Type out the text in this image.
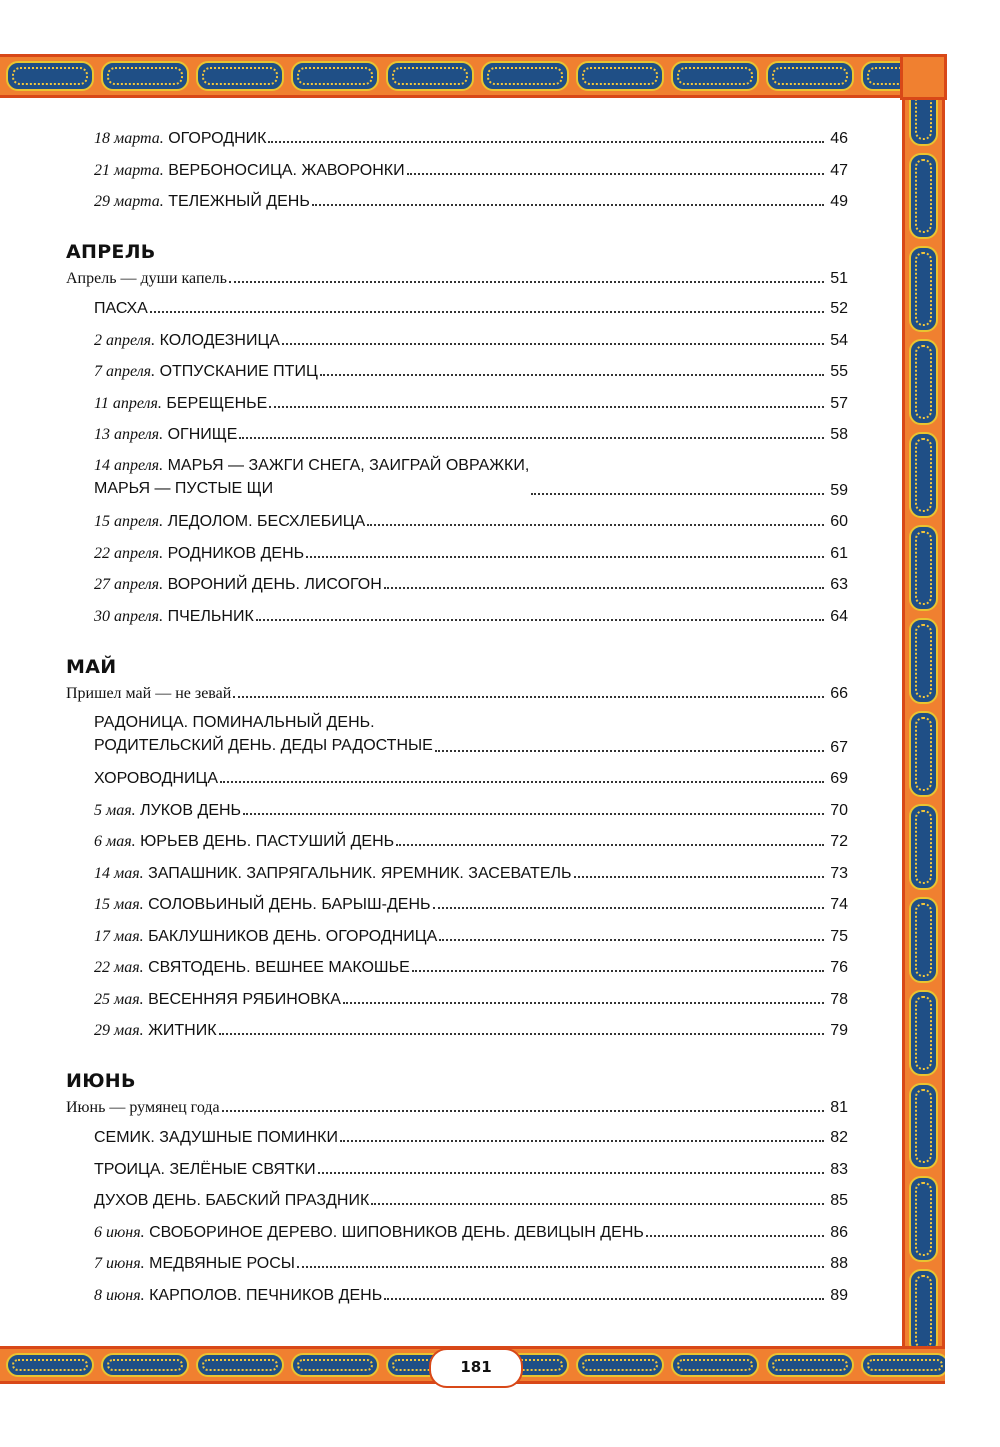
181
18 марта. ОГОРОДНИК	46
21 марта. ВЕРБОНОСИЦА. ЖАВОРОНКИ	47
29 марта. ТЕЛЕЖНЫЙ ДЕНЬ	49
АПРЕЛЬ
Апрель — души капель	51
ПАСХА	52
2 апреля. КОЛОДЕЗНИЦА	54
7 апреля. ОТПУСКАНИЕ ПТИЦ	55
11 апреля. БЕРЕЩЕНЬЕ	57
13 апреля. ОГНИЩЕ	58
14 апреля. МАРЬЯ — ЗАЖГИ СНЕГА, ЗАИГРАЙ ОВРАЖКИ,
МАРЬЯ — ПУСТЫЕ ЩИ	59
15 апреля. ЛЕДОЛОМ. БЕСХЛЕБИЦА	60
22 апреля. РОДНИКОВ ДЕНЬ	61
27 апреля. ВОРОНИЙ ДЕНЬ. ЛИСОГОН	63
30 апреля. ПЧЕЛЬНИК	64
МАЙ
Пришел май — не зевай	66
РАДОНИЦА. ПОМИНАЛЬНЫЙ ДЕНЬ.
РОДИТЕЛЬСКИЙ ДЕНЬ. ДЕДЫ РАДОСТНЫЕ	67
ХОРОВОДНИЦА	69
5 мая. ЛУКОВ ДЕНЬ	70
6 мая. ЮРЬЕВ ДЕНЬ. ПАСТУШИЙ ДЕНЬ	72
14 мая. ЗАПАШНИК. ЗАПРЯГАЛЬНИК. ЯРЕМНИК. ЗАСЕВАТЕЛЬ	73
15 мая. СОЛОВЬИНЫЙ ДЕНЬ. БАРЫШ-ДЕНЬ	74
17 мая. БАКЛУШНИКОВ ДЕНЬ. ОГОРОДНИЦА	75
22 мая. СВЯТОДЕНЬ. ВЕШНЕЕ МАКОШЬЕ	76
25 мая. ВЕСЕННЯЯ РЯБИНОВКА	78
29 мая. ЖИТНИК	79
ИЮНЬ
Июнь — румянец года	81
СЕМИК. ЗАДУШНЫЕ ПОМИНКИ	82
ТРОИЦА. ЗЕЛЁНЫЕ СВЯТКИ	83
ДУХОВ ДЕНЬ. БАБСКИЙ ПРАЗДНИК	85
6 июня. СВОБОРИНОЕ ДЕРЕВО. ШИПОВНИКОВ ДЕНЬ. ДЕВИЦЫН ДЕНЬ	86
7 июня. МЕДВЯНЫЕ РОСЫ	88
8 июня. КАРПОЛОВ. ПЕЧНИКОВ ДЕНЬ	89
